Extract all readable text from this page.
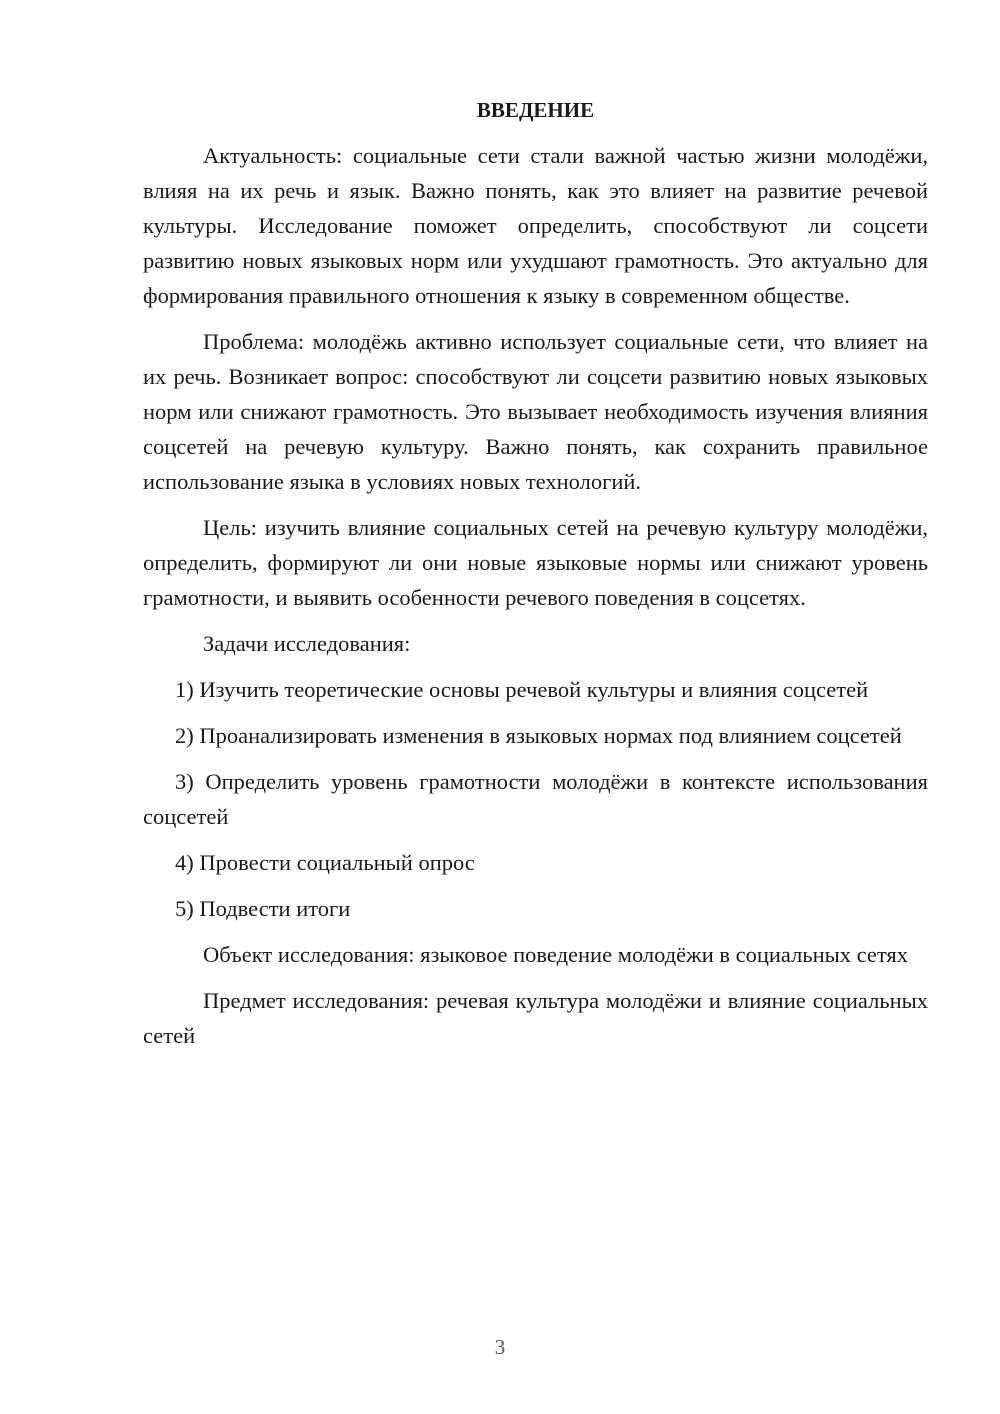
ВВЕДЕНИЕ

Актуальность: социальные сети стали важной частью жизни молодёжи, влияя на их речь и язык. Важно понять, как это влияет на развитие речевой культуры. Исследование поможет определить, способствуют ли соцсети развитию новых языковых норм или ухудшают грамотность. Это актуально для формирования правильного отношения к языку в современном обществе.

Проблема: молодёжь активно использует социальные сети, что влияет на их речь. Возникает вопрос: способствуют ли соцсети развитию новых языковых норм или снижают грамотность. Это вызывает необходимость изучения влияния соцсетей на речевую культуру. Важно понять, как сохранить правильное использование языка в условиях новых технологий.

Цель: изучить влияние социальных сетей на речевую культуру молодёжи, определить, формируют ли они новые языковые нормы или снижают уровень грамотности, и выявить особенности речевого поведения в соцсетях.

Задачи исследования:

1) Изучить теоретические основы речевой культуры и влияния соцсетей

2) Проанализировать изменения в языковых нормах под влиянием соцсетей

3) Определить уровень грамотности молодёжи в контексте использования соцсетей

4) Провести социальный опрос

5) Подвести итоги

Объект исследования: языковое поведение молодёжи в социальных сетях

Предмет исследования: речевая культура молодёжи и влияние социальных сетей

3
